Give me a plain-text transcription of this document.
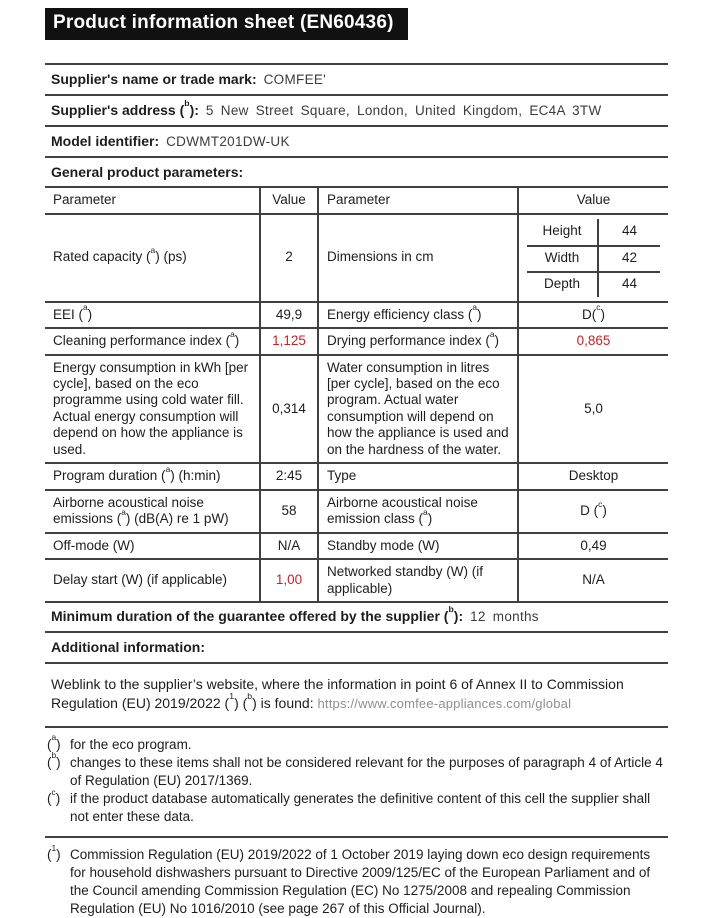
Product information sheet (EN60436)
Supplier's name or trade mark: COMFEE'
Supplier's address ($^b$): 5 New Street Square, London, United Kingdom, EC4A 3TW
Model identifier: CDWMT201DW-UK
General product parameters:
Parameter	Value	Parameter	Value
Rated capacity ($^a$) (ps)	2	Dimensions in cm	
Height	44
Width	42
Depth	44

EEI ($^a$)	49,9	Energy efficiency class ($^a$)	D($^c$)
Cleaning performance index ($^a$)	1,125	Drying performance index ($^a$)	0,865
Energy consumption in kWh [per cycle], based on the eco programme using cold water fill. Actual energy consumption will depend on how the appliance is used.	0,314	Water consumption in litres [per cycle], based on the eco program. Actual water consumption will depend on how the appliance is used and on the hardness of the water.	5,0
Program duration ($^a$) (h:min)	2:45	Type	Desktop
Airborne acoustical noise emissions ($^a$) (dB(A) re 1 pW)	58	Airborne acoustical noise emission class ($^a$)	D ($^c$)
Off-mode (W)	N/A	Standby mode (W)	0,49
Delay start (W) (if applicable)	1,00	Networked standby (W) (if applicable)	N/A
Minimum duration of the guarantee offered by the supplier ($^b$): 12 months
Additional information:
Weblink to the supplier’s website, where the information in point 6 of Annex II to Commission Regulation (EU) 2019/2022 ($^1$) ($^b$) is found: https://www.comfee-appliances.com/global
($^a$) for the eco program.
($^b$) changes to these items shall not be considered relevant for the purposes of paragraph 4 of Article 4 of Regulation (EU) 2017/1369.
($^c$) if the product database automatically generates the definitive content of this cell the supplier shall not enter these data.
($^1$) Commission Regulation (EU) 2019/2022 of 1 October 2019 laying down eco design requirements for household dishwashers pursuant to Directive 2009/125/EC of the European Parliament and of the Council amending Commission Regulation (EC) No 1275/2008 and repealing Commission Regulation (EU) No 1016/2010 (see page 267 of this Official Journal).
